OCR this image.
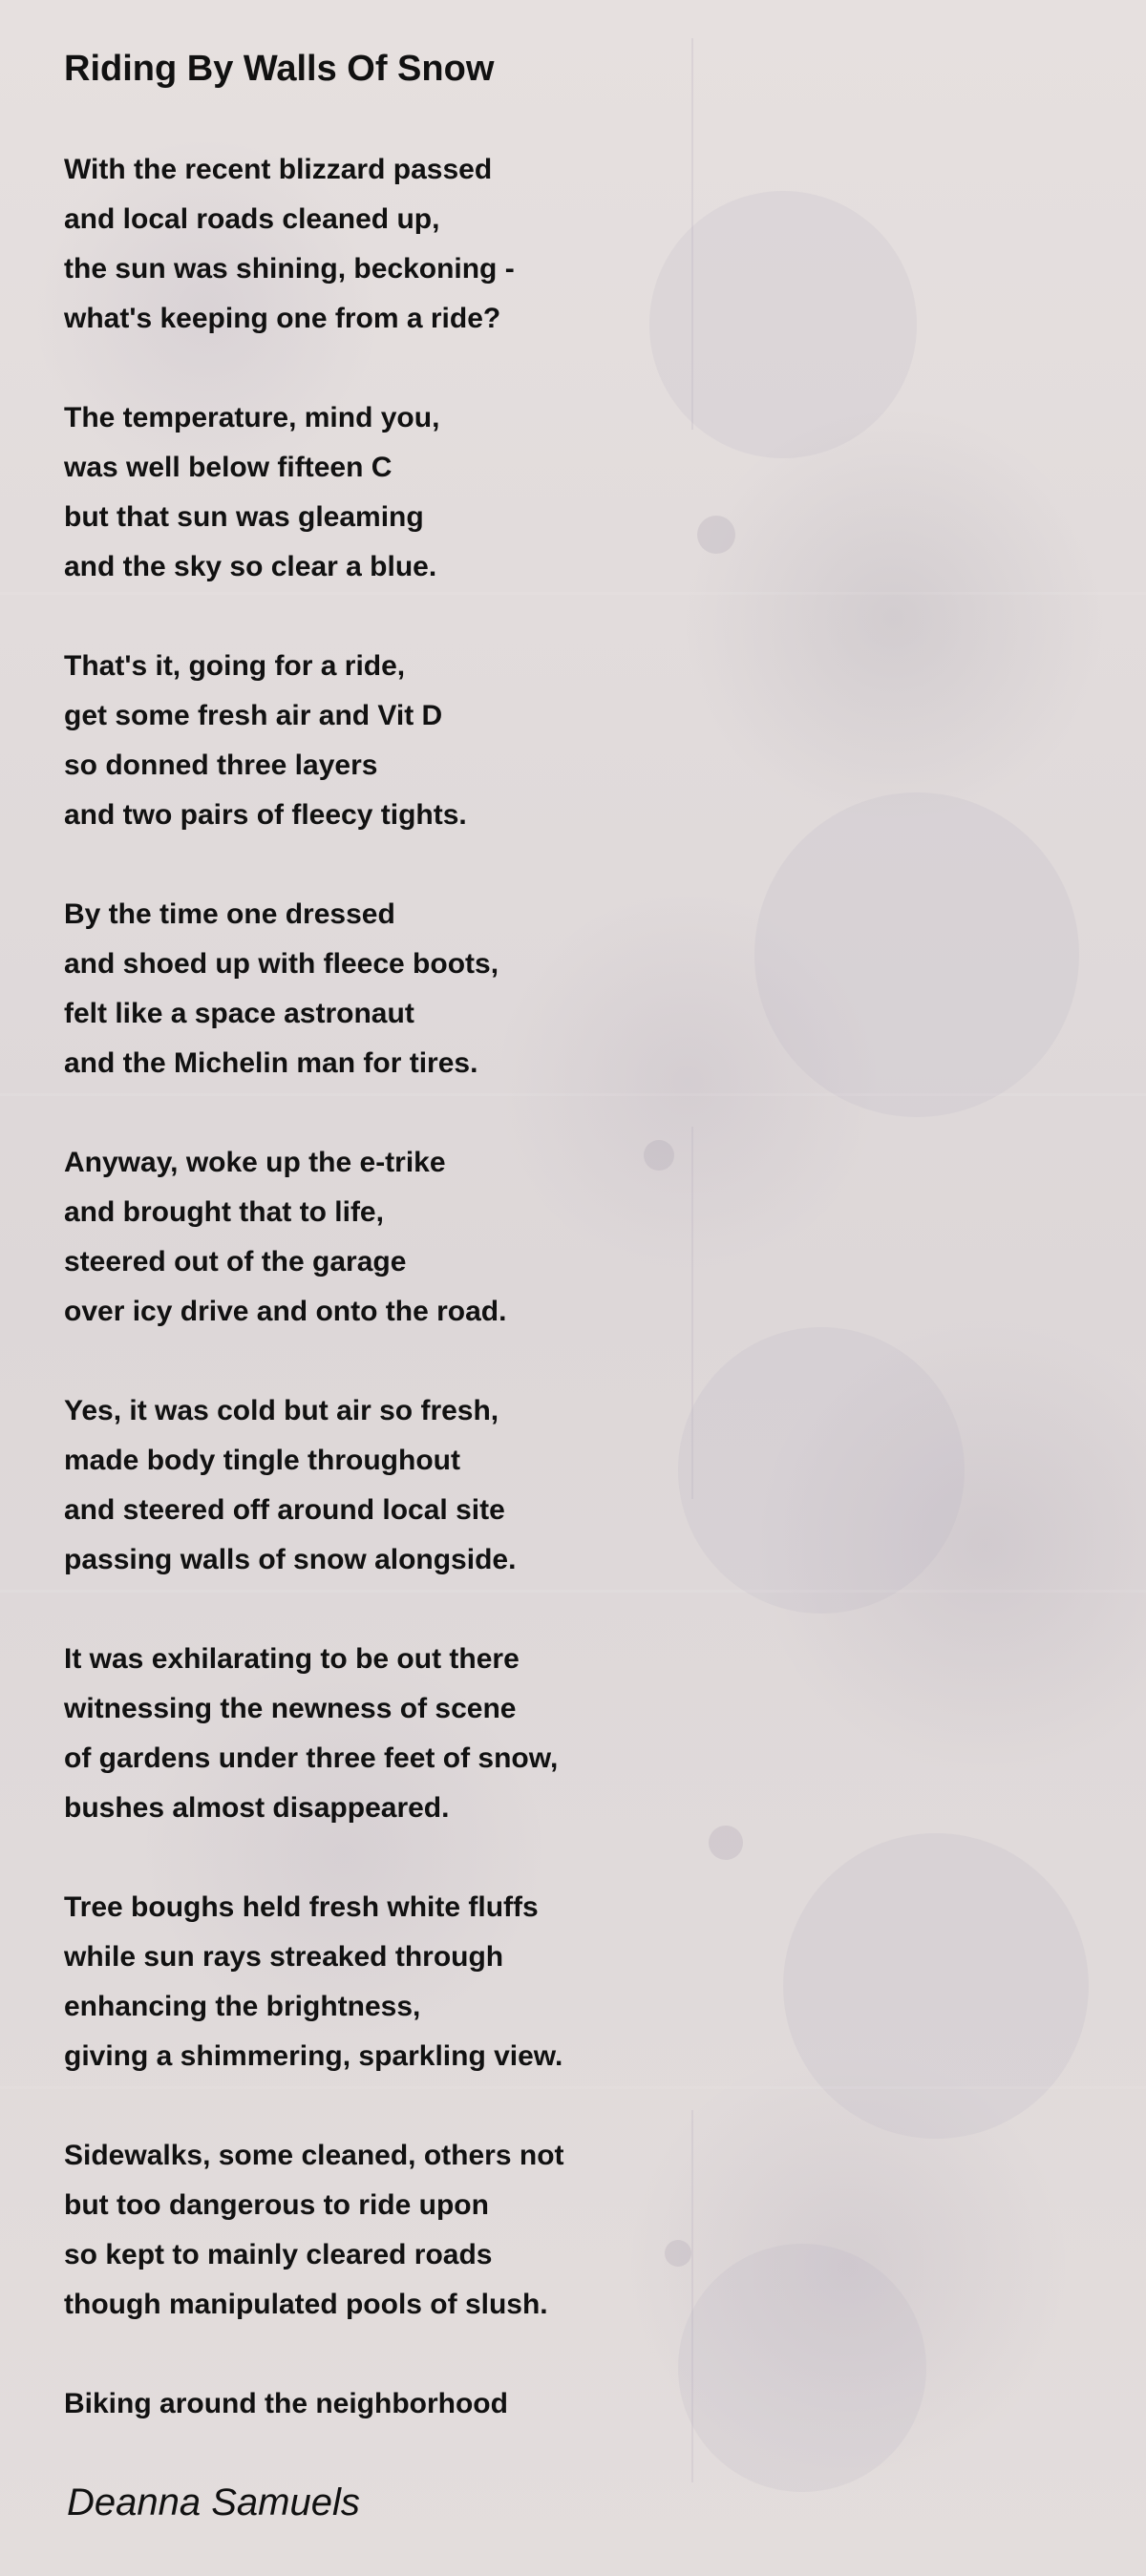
Riding By Walls Of Snow
With the recent blizzard passed
and local roads cleaned up,
the sun was shining, beckoning -
what's keeping one from a ride?
The temperature, mind you,
was well below fifteen C
but that sun was gleaming
and the sky so clear a blue.
That's it, going for a ride,
get some fresh air and Vit D
so donned three layers
and two pairs of fleecy tights.
By the time one dressed
and shoed up with fleece boots,
felt like a space astronaut
and the Michelin man for tires.
Anyway, woke up the e-trike
and brought that to life,
steered out of the garage
over icy drive and onto the road.
Yes, it was cold but air so fresh,
made body tingle throughout
and steered off around local site
passing walls of snow alongside.
It was exhilarating to be out there
witnessing the newness of scene
of gardens under three feet of snow,
bushes almost disappeared.
Tree boughs held fresh white fluffs
while sun rays streaked through
enhancing the brightness,
giving a shimmering, sparkling view.
Sidewalks, some cleaned, others not
but too dangerous to ride upon
so kept to mainly cleared roads
though manipulated pools of slush.
Biking around the neighborhood

Deanna Samuels
